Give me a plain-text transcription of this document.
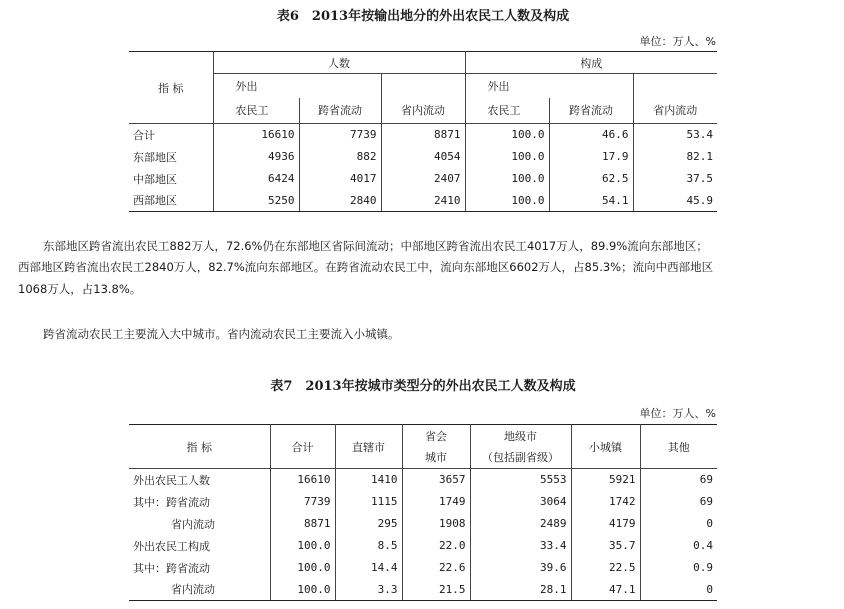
表6　2013年按输出地分的外出农民工人数及构成
单位：万人、%
指 标	人数			构成		
	外出			外出		
	农民工	跨省流动	省内流动	农民工	跨省流动	省内流动
合计	16610	7739	8871	100.0	46.6	53.4
东部地区	4936	882	4054	100.0	17.9	82.1
中部地区	6424	4017	2407	100.0	62.5	37.5
西部地区	5250	2840	2410	100.0	54.1	45.9
东部地区跨省流出农民工882万人，72.6%仍在东部地区省际间流动；中部地区跨省流出农民工4017万人，89.9%流向东部地区；
西部地区跨省流出农民工2840万人，82.7%流向东部地区。在跨省流动农民工中，流向东部地区6602万人，占85.3%；流向中西部地区
1068万人，占13.8%。
跨省流动农民工主要流入大中城市。省内流动农民工主要流入小城镇。
表7　2013年按城市类型分的外出农民工人数及构成
单位：万人、%
指 标	合计	直辖市	省会	地级市	小城镇	其他
			城市	（包括副省级）		
外出农民工人数	16610	1410	3657	5553	5921	69
其中：跨省流动	7739	1115	1749	3064	1742	69
省内流动	8871	295	1908	2489	4179	0
外出农民工构成	100.0	8.5	22.0	33.4	35.7	0.4
其中：跨省流动	100.0	14.4	22.6	39.6	22.5	0.9
省内流动	100.0	3.3	21.5	28.1	47.1	0
